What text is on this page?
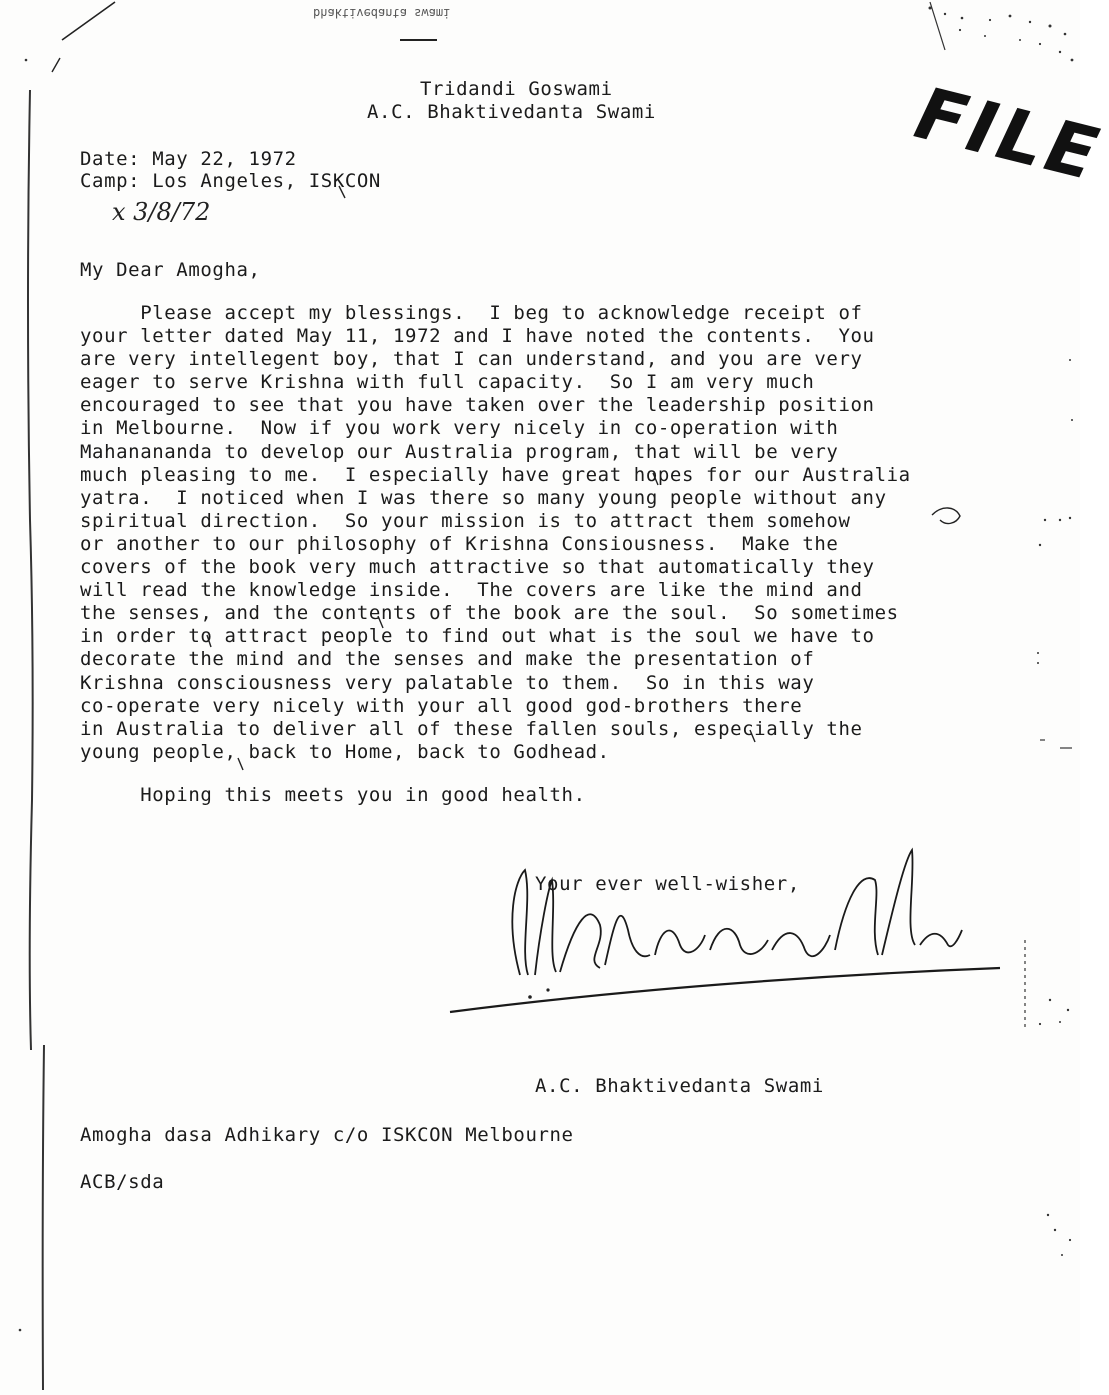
bhaktivedanta swami
FILE
Tridandi Goswami
A.C. Bhaktivedanta Swami
Date: May 22, 1972
Camp: Los Angeles, ISKCON
x 3/8/72
My Dear Amogha,
Please accept my blessings.  I beg to acknowledge receipt of
your letter dated May 11, 1972 and I have noted the contents.  You
are very intellegent boy, that I can understand, and you are very
eager to serve Krishna with full capacity.  So I am very much
encouraged to see that you have taken over the leadership position
in Melbourne.  Now if you work very nicely in co-operation with
Mahanananda to develop our Australia program, that will be very
much pleasing to me.  I especially have great hopes for our Australia
yatra.  I noticed when I was there so many young people without any
spiritual direction.  So your mission is to attract them somehow
or another to our philosophy of Krishna Consiousness.  Make the
covers of the book very much attractive so that automatically they
will read the knowledge inside.  The covers are like the mind and
the senses, and the contents of the book are the soul.  So sometimes
in order to attract people to find out what is the soul we have to
decorate the mind and the senses and make the presentation of
Krishna consciousness very palatable to them.  So in this way
co-operate very nicely with your all good god-brothers there
in Australia to deliver all of these fallen souls, especially the
young people, back to Home, back to Godhead.
Hoping this meets you in good health.
Your ever well-wisher,
A.C. Bhaktivedanta Swami
Amogha dasa Adhikary c/o ISKCON Melbourne
ACB/sda
